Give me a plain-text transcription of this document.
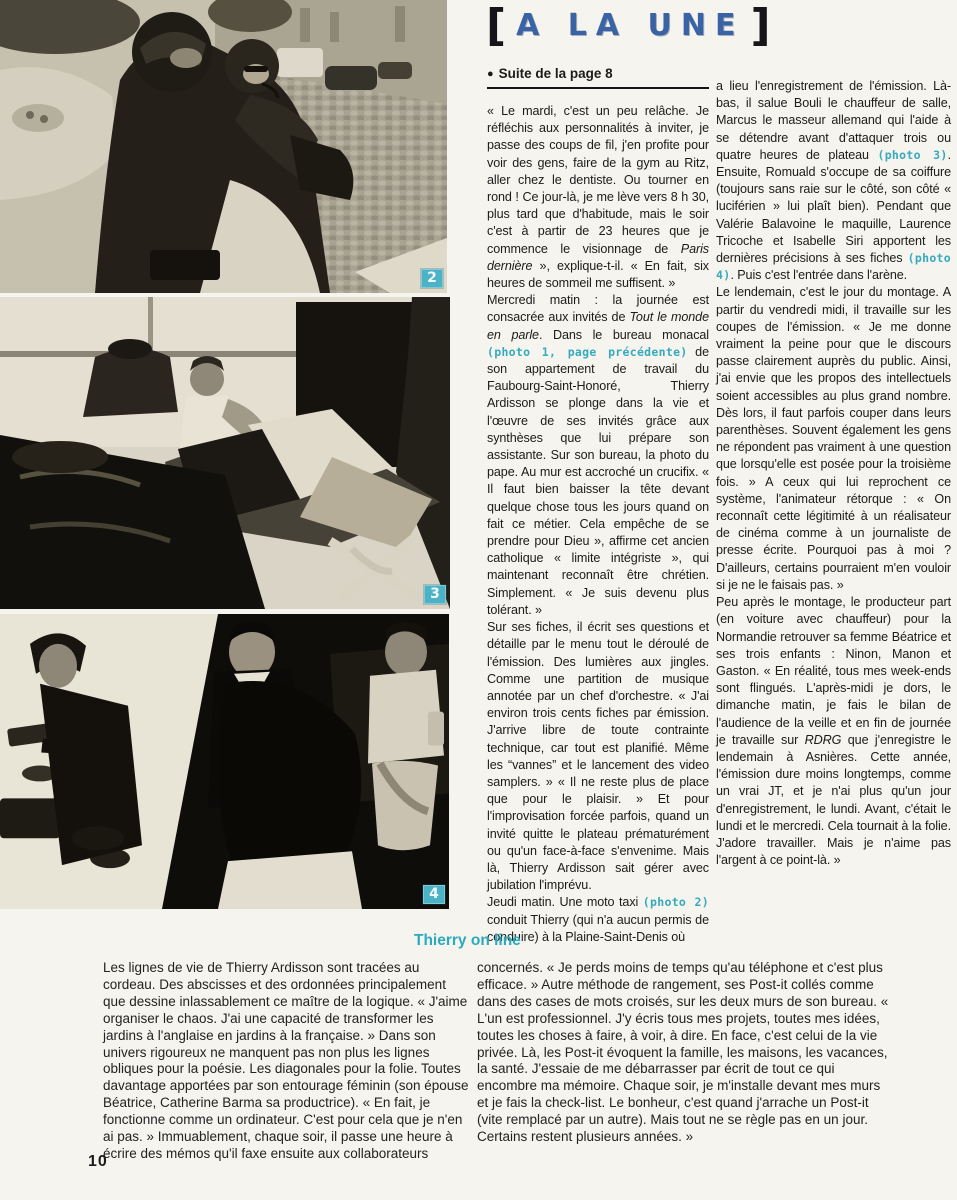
2
3
4
[ A LA UNE ]
● Suite de la page 8

« Le mardi, c'est un peu relâche. Je réfléchis aux personnalités à inviter, je passe des coups de fil, j'en profite pour voir des gens, faire de la gym au Ritz, aller chez le dentiste. Ou tourner en rond ! Ce jour-là, je me lève vers 8 h 30, plus tard que d'habitude, mais le soir c'est à partir de 23 heures que je commence le visionnage de Paris dernière », explique-t-il. « En fait, six heures de sommeil me suffisent. »

Mercredi matin : la journée est consacrée aux invités de Tout le monde en parle. Dans le bureau monacal (photo 1, page précédente) de son appartement de travail du Faubourg-Saint-Honoré, Thierry Ardisson se plonge dans la vie et l'œuvre de ses invités grâce aux synthèses que lui prépare son assistante. Sur son bureau, la photo du pape. Au mur est accroché un crucifix. « Il faut bien baisser la tête devant quelque chose tous les jours quand on fait ce métier. Cela empêche de se prendre pour Dieu », affirme cet ancien catholique « limite intégriste », qui maintenant reconnaît être chrétien. Simplement. « Je suis devenu plus tolérant. »

Sur ses fiches, il écrit ses questions et détaille par le menu tout le déroulé de l'émission. Des lumières aux jingles. Comme une partition de musique annotée par un chef d'orchestre. « J'ai environ trois cents fiches par émission. J'arrive libre de toute contrainte technique, car tout est planifié. Même les “vannes” et le lancement des video samplers. » « Il ne reste plus de place que pour le plaisir. » Et pour l'improvisation forcée parfois, quand un invité quitte le plateau prématurément ou qu'un face-à-face s'envenime. Mais là, Thierry Ardisson sait gérer avec jubilation l'imprévu.

Jeudi matin. Une moto taxi (photo 2) conduit Thierry (qui n'a aucun permis de conduire) à la Plaine-Saint-Denis où

a lieu l'enregistrement de l'émission. Là-bas, il salue Bouli le chauffeur de salle, Marcus le masseur allemand qui l'aide à se détendre avant d'attaquer trois ou quatre heures de plateau (photo 3). Ensuite, Romuald s'occupe de sa coiffure (toujours sans raie sur le côté, son côté « luciférien » lui plaît bien). Pendant que Valérie Balavoine le maquille, Laurence Tricoche et Isabelle Siri apportent les dernières précisions à ses fiches (photo 4). Puis c'est l'entrée dans l'arène.

Le lendemain, c'est le jour du montage. A partir du vendredi midi, il travaille sur les coupes de l'émission. « Je me donne vraiment la peine pour que le discours passe clairement auprès du public. Ainsi, j'ai envie que les propos des intellectuels soient accessibles au plus grand nombre. Dès lors, il faut parfois couper dans leurs parenthèses. Souvent également les gens ne répondent pas vraiment à une question que lorsqu'elle est posée pour la troisième fois. » A ceux qui lui reprochent ce système, l'animateur rétorque : « On reconnaît cette légitimité à un réalisateur de cinéma comme à un journaliste de presse écrite. Pourquoi pas à moi ? D'ailleurs, certains pourraient m'en vouloir si je ne le faisais pas. »

Peu après le montage, le producteur part (en voiture avec chauffeur) pour la Normandie retrouver sa femme Béatrice et ses trois enfants : Ninon, Manon et Gaston. « En réalité, tous mes week-ends sont flingués. L'après-midi je dors, le dimanche matin, je fais le bilan de l'audience de la veille et en fin de journée je travaille sur RDRG que j'enregistre le lendemain à Asnières. Cette année, l'émission dure moins longtemps, comme un vrai JT, et je n'ai plus qu'un jour d'enregistrement, le lundi. Avant, c'était le lundi et le mercredi. Cela tournait à la folie. J'adore travailler. Mais je n'aime pas l'argent à ce point-là. »

Thierry on line
Les lignes de vie de Thierry Ardisson sont tracées au cordeau. Des abscisses et des ordonnées principalement que dessine inlassablement ce maître de la logique. « J'aime organiser le chaos. J'ai une capacité de transformer les jardins à l'anglaise en jardins à la française. » Dans son univers rigoureux ne manquent pas non plus les lignes obliques pour la poésie. Les diagonales pour la folie. Toutes davantage apportées par son entourage féminin (son épouse Béatrice, Catherine Barma sa productrice). « En fait, je fonctionne comme un ordinateur. C'est pour cela que je n'en ai pas. » Immuablement, chaque soir, il passe une heure à écrire des mémos qu'il faxe ensuite aux collaborateurs
concernés. « Je perds moins de temps qu'au téléphone et c'est plus efficace. » Autre méthode de rangement, ses Post-it collés comme dans des cases de mots croisés, sur les deux murs de son bureau. « L'un est professionnel. J'y écris tous mes projets, toutes mes idées, toutes les choses à faire, à voir, à dire. En face, c'est celui de la vie privée. Là, les Post-it évoquent la famille, les maisons, les vacances, la santé. J'essaie de me débarrasser par écrit de tout ce qui encombre ma mémoire. Chaque soir, je m'installe devant mes murs et je fais la check-list. Le bonheur, c'est quand j'arrache un Post-it (vite remplacé par un autre). Mais tout ne se règle pas en un jour. Certains restent plusieurs années. »
10
